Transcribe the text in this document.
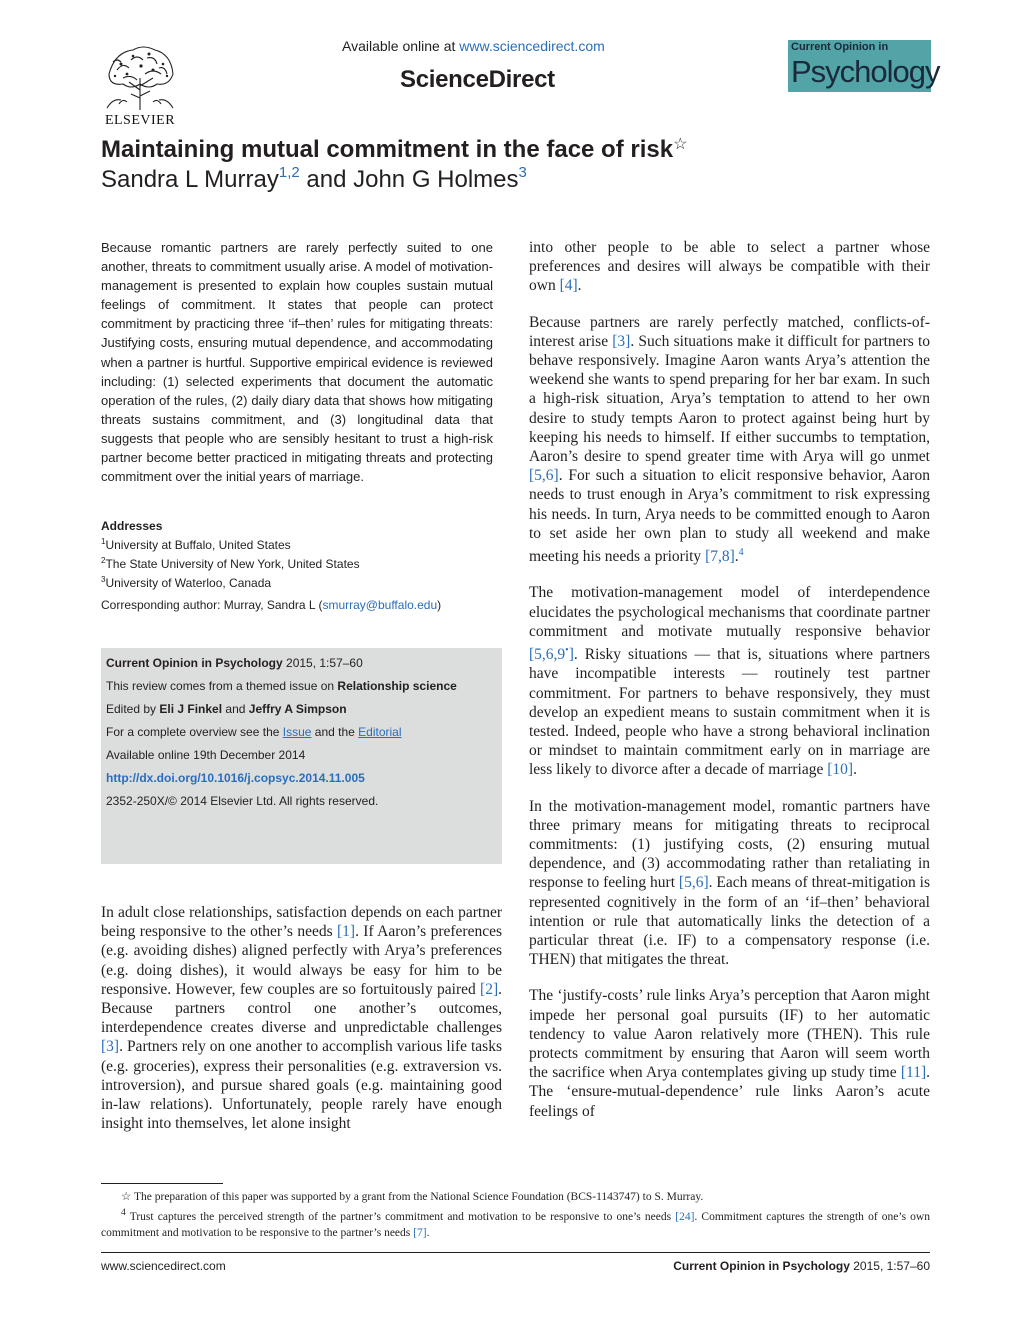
ELSEVIER
Available online at www.sciencedirect.com
ScienceDirect
Current Opinion in
Psychology
Maintaining mutual commitment in the face of risk☆
Sandra L Murray$^{1,2}$ and John G Holmes$^3$
Because romantic partners are rarely perfectly suited to one another, threats to commitment usually arise. A model of motivation-management is presented to explain how couples sustain mutual feelings of commitment. It states that people can protect commitment by practicing three ‘if–then’ rules for mitigating threats: Justifying costs, ensuring mutual dependence, and accommodating when a partner is hurtful. Supportive empirical evidence is reviewed including: (1) selected experiments that document the automatic operation of the rules, (2) daily diary data that shows how mitigating threats sustains commitment, and (3) longitudinal data that suggests that people who are sensibly hesitant to trust a high-risk partner become better practiced in mitigating threats and protecting commitment over the initial years of marriage.
Addresses
$^1$University at Buffalo, United States
$^2$The State University of New York, United States
$^3$University of Waterloo, Canada
Corresponding author: Murray, Sandra L (smurray@buffalo.edu)
Current Opinion in Psychology 2015, 1:57–60
This review comes from a themed issue on Relationship science
Edited by Eli J Finkel and Jeffry A Simpson
For a complete overview see the Issue and the Editorial
Available online 19th December 2014
http://dx.doi.org/10.1016/j.copsyc.2014.11.005
2352-250X/© 2014 Elsevier Ltd. All rights reserved.

In adult close relationships, satisfaction depends on each partner being responsive to the other’s needs [1]. If Aaron’s preferences (e.g. avoiding dishes) aligned perfectly with Arya’s preferences (e.g. doing dishes), it would always be easy for him to be responsive. However, few couples are so fortuitously paired [2]. Because partners control one another’s outcomes, interdependence creates diverse and unpredictable challenges [3]. Partners rely on one another to accomplish various life tasks (e.g. groceries), express their personalities (e.g. extraversion vs. introversion), and pursue shared goals (e.g. maintaining good in-law relations). Unfortunately, people rarely have enough insight into themselves, let alone insight

into other people to be able to select a partner whose preferences and desires will always be compatible with their own [4].

Because partners are rarely perfectly matched, conflicts-of-interest arise [3]. Such situations make it difficult for partners to behave responsively. Imagine Aaron wants Arya’s attention the weekend she wants to spend preparing for her bar exam. In such a high-risk situation, Arya’s temptation to attend to her own desire to study tempts Aaron to protect against being hurt by keeping his needs to himself. If either succumbs to temptation, Aaron’s desire to spend greater time with Arya will go unmet [5,6]. For such a situation to elicit responsive behavior, Aaron needs to trust enough in Arya’s commitment to risk expressing his needs. In turn, Arya needs to be committed enough to Aaron to set aside her own plan to study all weekend and make meeting his needs a priority [7,8].$^4$

The motivation-management model of interdependence elucidates the psychological mechanisms that coordinate partner commitment and motivate mutually responsive behavior [5,6,9•]. Risky situations — that is, situations where partners have incompatible interests — routinely test partner commitment. For partners to behave responsively, they must develop an expedient means to sustain commitment when it is tested. Indeed, people who have a strong behavioral inclination or mindset to maintain commitment early on in marriage are less likely to divorce after a decade of marriage [10].

In the motivation-management model, romantic partners have three primary means for mitigating threats to reciprocal commitments: (1) justifying costs, (2) ensuring mutual dependence, and (3) accommodating rather than retaliating in response to feeling hurt [5,6]. Each means of threat-mitigation is represented cognitively in the form of an ‘if–then’ behavioral intention or rule that automatically links the detection of a particular threat (i.e. IF) to a compensatory response (i.e. THEN) that mitigates the threat.

The ‘justify-costs’ rule links Arya’s perception that Aaron might impede her personal goal pursuits (IF) to her automatic tendency to value Aaron relatively more (THEN). This rule protects commitment by ensuring that Aaron will seem worth the sacrifice when Arya contemplates giving up study time [11]. The ‘ensure-mutual-dependence’ rule links Aaron’s acute feelings of

☆ The preparation of this paper was supported by a grant from the National Science Foundation (BCS-1143747) to S. Murray.

$^4$ Trust captures the perceived strength of the partner’s commitment and motivation to be responsive to one’s needs [24]. Commitment captures the strength of one’s own commitment and motivation to be responsive to the partner’s needs [7].

www.sciencedirect.com	Current Opinion in Psychology 2015, 1:57–60
